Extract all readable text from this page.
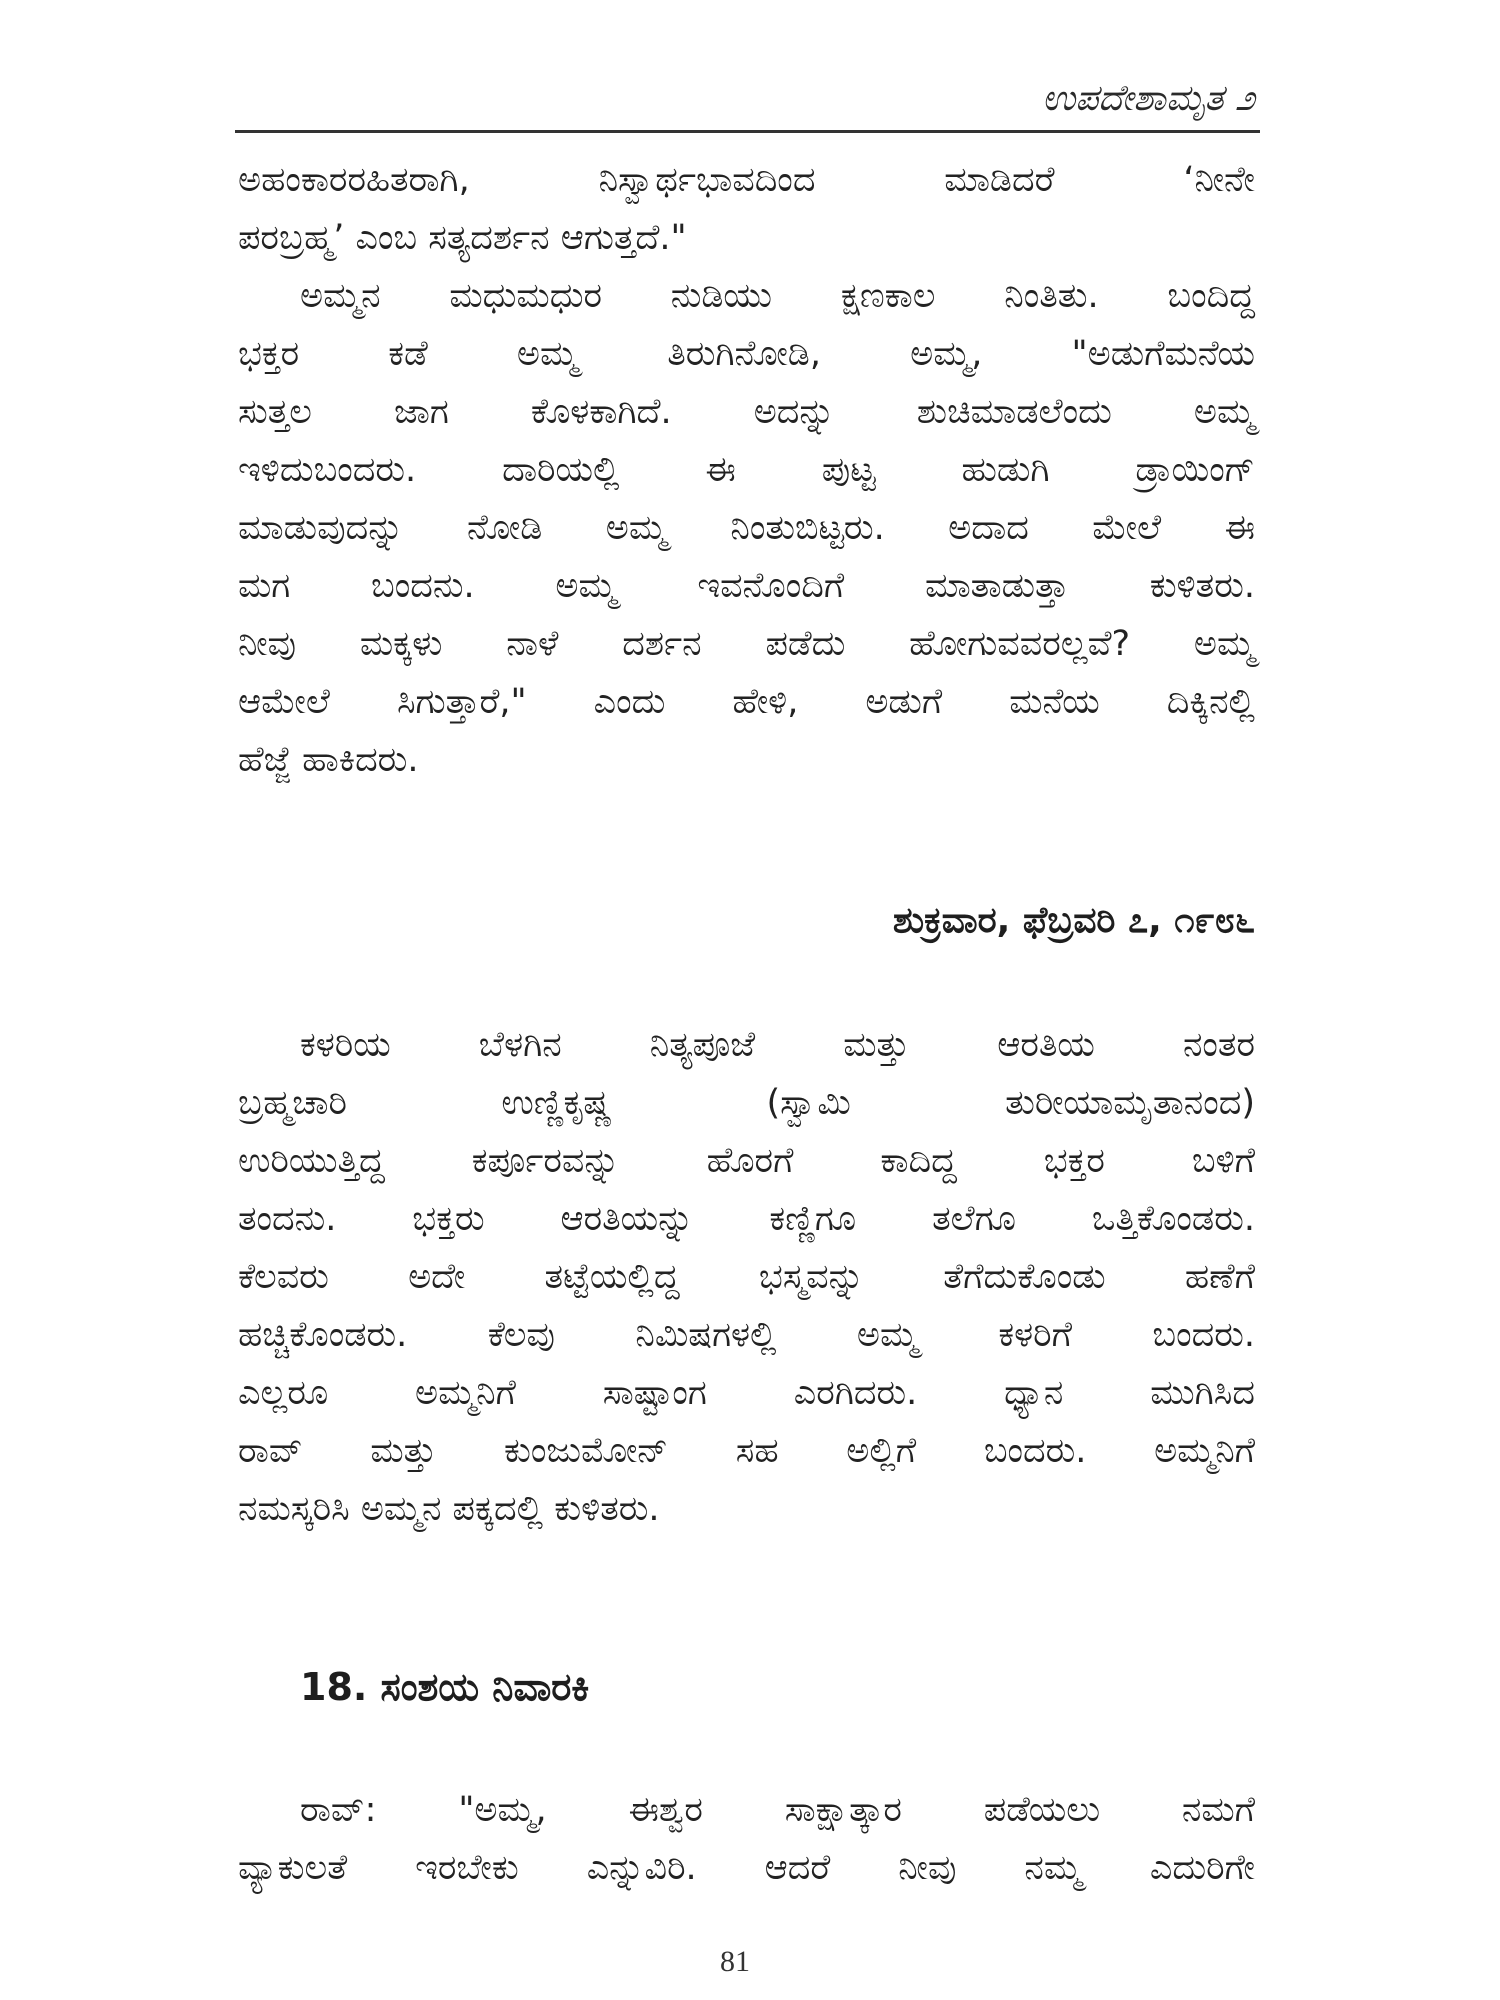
ಉಪದೇಶಾಮೃತ ೨
ಅಹಂಕಾರರಹಿತರಾಗಿ, ನಿಸ್ವಾರ್ಥಭಾವದಿಂದ ಮಾಡಿದರೆ ‘ನೀನೇ
ಪರಬ್ರಹ್ಮ’ ಎಂಬ ಸತ್ಯದರ್ಶನ ಆಗುತ್ತದೆ."
ಅಮ್ಮನ ಮಧುಮಧುರ ನುಡಿಯು ಕ್ಷಣಕಾಲ ನಿಂತಿತು. ಬಂದಿದ್ದ
ಭಕ್ತರ ಕಡೆ ಅಮ್ಮ ತಿರುಗಿನೋಡಿ, ಅಮ್ಮ, "ಅಡುಗೆಮನೆಯ
ಸುತ್ತಲ ಜಾಗ ಕೊಳಕಾಗಿದೆ. ಅದನ್ನು ಶುಚಿಮಾಡಲೆಂದು ಅಮ್ಮ
ಇಳಿದುಬಂದರು. ದಾರಿಯಲ್ಲಿ ಈ ಪುಟ್ಟ ಹುಡುಗಿ ಡ್ರಾಯಿಂಗ್
ಮಾಡುವುದನ್ನು ನೋಡಿ ಅಮ್ಮ ನಿಂತುಬಿಟ್ಟರು. ಅದಾದ ಮೇಲೆ ಈ
ಮಗ ಬಂದನು. ಅಮ್ಮ ಇವನೊಂದಿಗೆ ಮಾತಾಡುತ್ತಾ ಕುಳಿತರು.
ನೀವು ಮಕ್ಕಳು ನಾಳೆ ದರ್ಶನ ಪಡೆದು ಹೋಗುವವರಲ್ಲವೆ? ಅಮ್ಮ
ಆಮೇಲೆ ಸಿಗುತ್ತಾರೆ," ಎಂದು ಹೇಳಿ, ಅಡುಗೆ ಮನೆಯ ದಿಕ್ಕಿನಲ್ಲಿ
ಹೆಜ್ಜೆ ಹಾಕಿದರು.
ಶುಕ್ರವಾರ, ಫೆಬ್ರವರಿ ೭, ೧೯೮೬
ಕಳರಿಯ ಬೆಳಗಿನ ನಿತ್ಯಪೂಜೆ ಮತ್ತು ಆರತಿಯ ನಂತರ
ಬ್ರಹ್ಮಚಾರಿ ಉಣ್ಣಿಕೃಷ್ಣ (ಸ್ವಾಮಿ ತುರೀಯಾಮೃತಾನಂದ)
ಉರಿಯುತ್ತಿದ್ದ ಕರ್ಪೂರವನ್ನು ಹೊರಗೆ ಕಾದಿದ್ದ ಭಕ್ತರ ಬಳಿಗೆ
ತಂದನು. ಭಕ್ತರು ಆರತಿಯನ್ನು ಕಣ್ಣಿಗೂ ತಲೆಗೂ ಒತ್ತಿಕೊಂಡರು.
ಕೆಲವರು ಅದೇ ತಟ್ಟೆಯಲ್ಲಿದ್ದ ಭಸ್ಮವನ್ನು ತೆಗೆದುಕೊಂಡು ಹಣೆಗೆ
ಹಚ್ಚಿಕೊಂಡರು. ಕೆಲವು ನಿಮಿಷಗಳಲ್ಲಿ ಅಮ್ಮ ಕಳರಿಗೆ ಬಂದರು.
ಎಲ್ಲರೂ ಅಮ್ಮನಿಗೆ ಸಾಷ್ಟಾಂಗ ಎರಗಿದರು. ಧ್ಯಾನ ಮುಗಿಸಿದ
ರಾವ್ ಮತ್ತು ಕುಂಜುಮೋನ್ ಸಹ ಅಲ್ಲಿಗೆ ಬಂದರು. ಅಮ್ಮನಿಗೆ
ನಮಸ್ಕರಿಸಿ ಅಮ್ಮನ ಪಕ್ಕದಲ್ಲಿ ಕುಳಿತರು.
18. ಸಂಶಯ ನಿವಾರಕಿ
ರಾವ್: "ಅಮ್ಮ, ಈಶ್ವರ ಸಾಕ್ಷಾತ್ಕಾರ ಪಡೆಯಲು ನಮಗೆ
ವ್ಯಾಕುಲತೆ ಇರಬೇಕು ಎನ್ನುವಿರಿ. ಆದರೆ ನೀವು ನಮ್ಮ ಎದುರಿಗೇ
81
